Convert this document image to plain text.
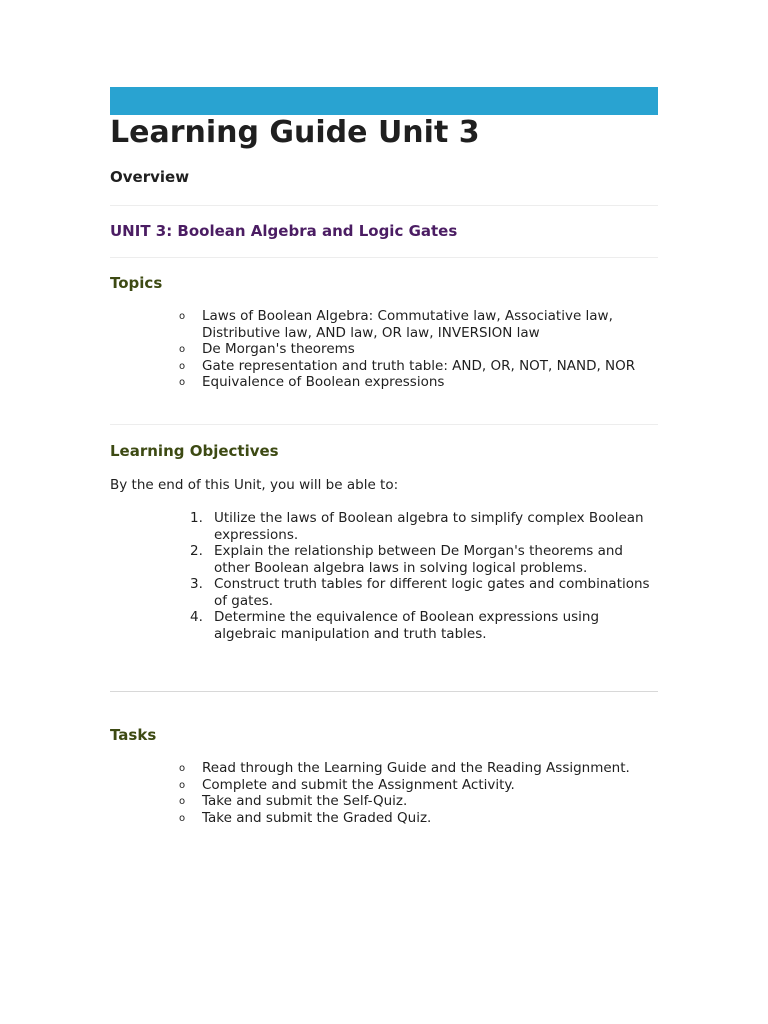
Learning Guide Unit 3
Overview
UNIT 3: Boolean Algebra and Logic Gates
Topics
o Laws of Boolean Algebra: Commutative law, Associative law, Distributive law, AND law, OR law, INVERSION law
o De Morgan's theorems
o Gate representation and truth table: AND, OR, NOT, NAND, NOR
o Equivalence of Boolean expressions
Learning Objectives

By the end of this Unit, you will be able to:

1. Utilize the laws of Boolean algebra to simplify complex Boolean expressions.
2. Explain the relationship between De Morgan's theorems and other Boolean algebra laws in solving logical problems.
3. Construct truth tables for different logic gates and combinations of gates.
4. Determine the equivalence of Boolean expressions using algebraic manipulation and truth tables.
Tasks
o Read through the Learning Guide and the Reading Assignment.
o Complete and submit the Assignment Activity.
o Take and submit the Self-Quiz.
o Take and submit the Graded Quiz.
